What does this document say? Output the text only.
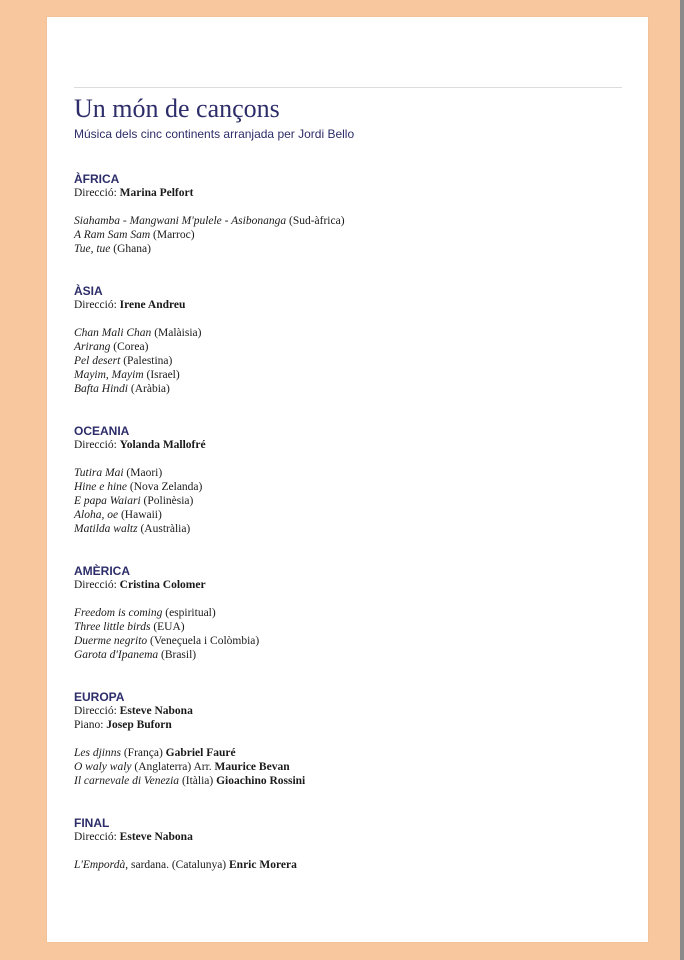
Un món de cançons
Música dels cinc continents arranjada per Jordi Bello
ÀFRICA
Direcció: Marina Pelfort
Siahamba - Mangwani M'pulele - Asibonanga (Sud-àfrica)
A Ram Sam Sam (Marroc)
Tue, tue (Ghana)
ÀSIA
Direcció: Irene Andreu
Chan Mali Chan (Malàisia)
Arirang (Corea)
Pel desert (Palestina)
Mayim, Mayim (Israel)
Bafta Hindi (Aràbia)
OCEANIA
Direcció: Yolanda Mallofré
Tutira Mai (Maori)
Hine e hine (Nova Zelanda)
E papa Waiari (Polinèsia)
Aloha, oe (Hawaii)
Matilda waltz (Austràlia)
AMÈRICA
Direcció: Cristina Colomer
Freedom is coming (espiritual)
Three little birds (EUA)
Duerme negrito (Veneçuela i Colòmbia)
Garota d'Ipanema (Brasil)
EUROPA
Direcció: Esteve Nabona
Piano: Josep Buforn
Les djinns (França) Gabriel Fauré
O waly waly (Anglaterra) Arr. Maurice Bevan
Il carnevale di Venezia (Itàlia) Gioachino Rossini
FINAL
Direcció: Esteve Nabona
L'Empordà, sardana. (Catalunya) Enric Morera
